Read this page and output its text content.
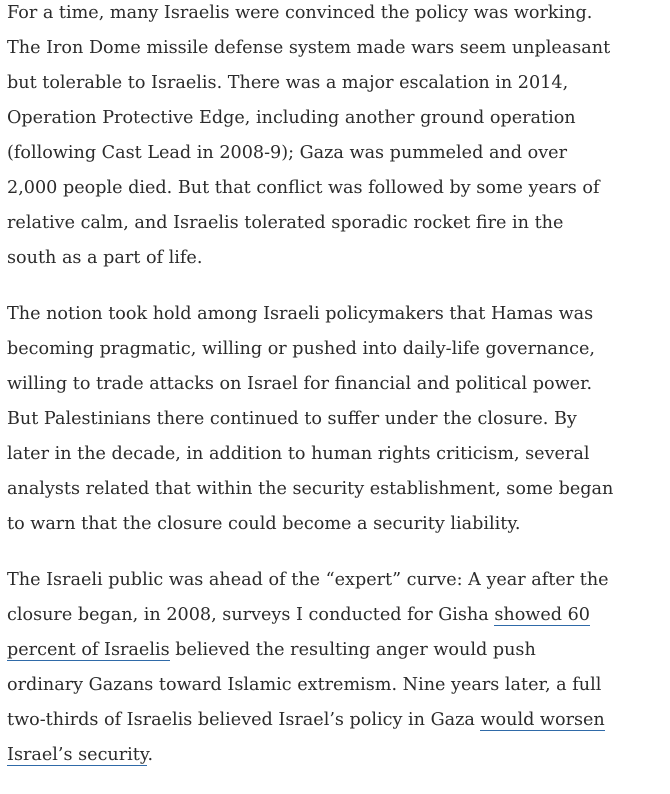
For a time, many Israelis were convinced the policy was working. The Iron Dome missile defense system made wars seem unpleasant but tolerable to Israelis. There was a major escalation in 2014, Operation Protective Edge, including another ground operation (following Cast Lead in 2008-9); Gaza was pummeled and over 2,000 people died. But that conflict was followed by some years of relative calm, and Israelis tolerated sporadic rocket fire in the south as a part of life.

The notion took hold among Israeli policymakers that Hamas was becoming pragmatic, willing or pushed into daily-life governance, willing to trade attacks on Israel for financial and political power. But Palestinians there continued to suffer under the closure. By later in the decade, in addition to human rights criticism, several analysts related that within the security establishment, some began to warn that the closure could become a security liability.

The Israeli public was ahead of the “expert” curve: A year after the closure began, in 2008, surveys I conducted for Gisha showed 60 percent of Israelis believed the resulting anger would push ordinary Gazans toward Islamic extremism. Nine years later, a full two-thirds of Israelis believed Israel’s policy in Gaza would worsen Israel’s security.
